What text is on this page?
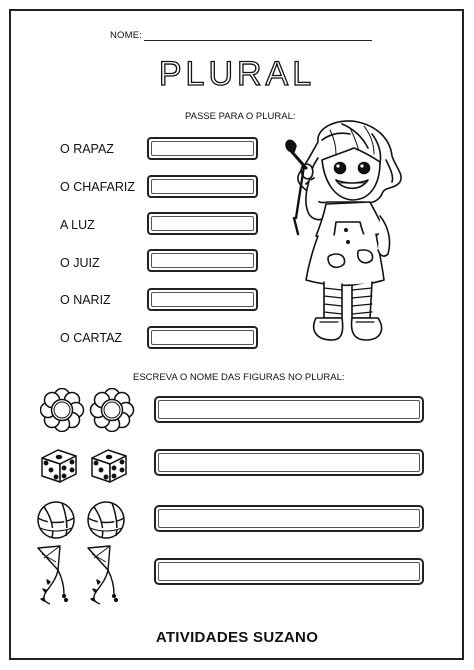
NOME:
PLURAL
PASSE PARA O PLURAL:
O RAPAZ
O CHAFARIZ
A LUZ
O JUIZ
O NARIZ
O CARTAZ
ESCREVA O NOME DAS FIGURAS NO PLURAL:
ATIVIDADES SUZANO
